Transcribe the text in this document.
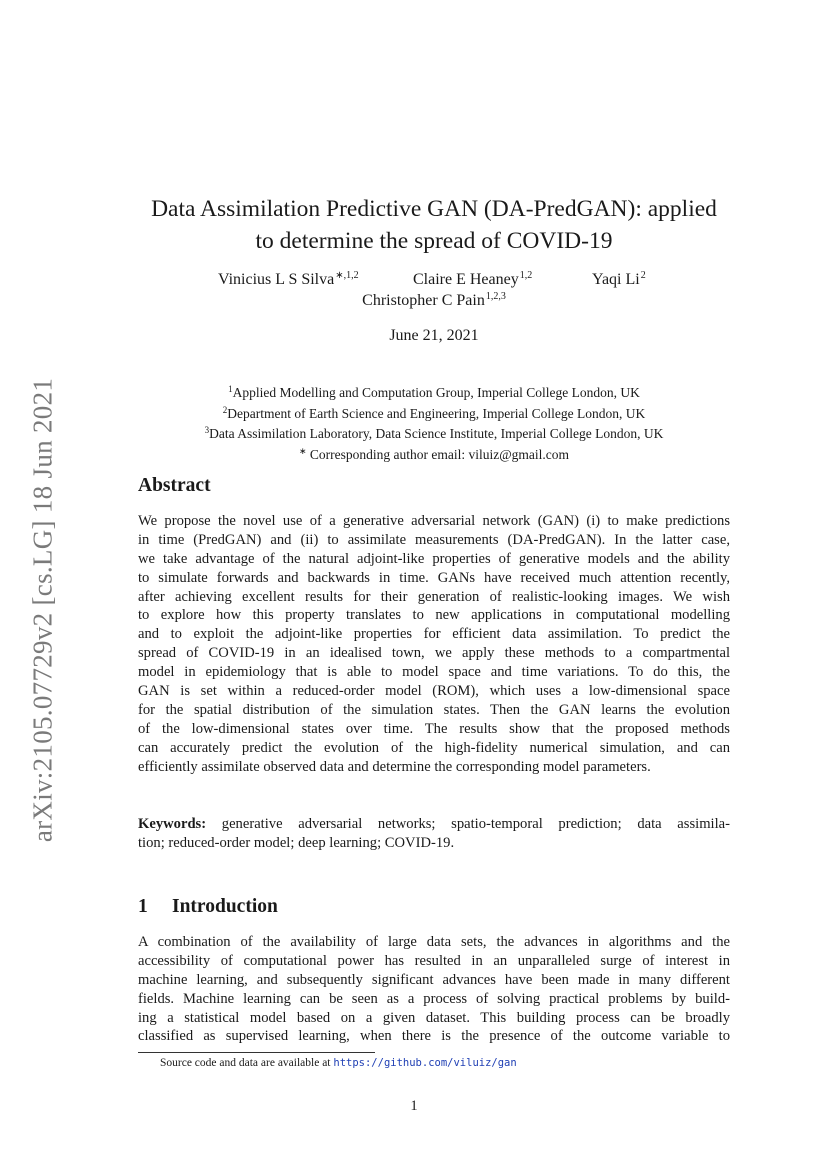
arXiv:2105.07729v2 [cs.LG] 18 Jun 2021
Data Assimilation Predictive GAN (DA-PredGAN): applied
to determine the spread of COVID-19
Vinicius L S Silva$^{∗,1,2}$	Claire E Heaney$^{1,2}$	Yaqi Li$^2$
Christopher C Pain$^{1,2,3}$
June 21, 2021
$^1$Applied Modelling and Computation Group, Imperial College London, UK
$^2$Department of Earth Science and Engineering, Imperial College London, UK
$^3$Data Assimilation Laboratory, Data Science Institute, Imperial College London, UK
∗ Corresponding author email: viluiz@gmail.com
Abstract
We propose the novel use of a generative adversarial network (GAN) (i) to make predictions
in time (PredGAN) and (ii) to assimilate measurements (DA-PredGAN). In the latter case,
we take advantage of the natural adjoint-like properties of generative models and the ability
to simulate forwards and backwards in time. GANs have received much attention recently,
after achieving excellent results for their generation of realistic-looking images. We wish
to explore how this property translates to new applications in computational modelling
and to exploit the adjoint-like properties for efficient data assimilation. To predict the
spread of COVID-19 in an idealised town, we apply these methods to a compartmental
model in epidemiology that is able to model space and time variations. To do this, the
GAN is set within a reduced-order model (ROM), which uses a low-dimensional space
for the spatial distribution of the simulation states. Then the GAN learns the evolution
of the low-dimensional states over time. The results show that the proposed methods
can accurately predict the evolution of the high-fidelity numerical simulation, and can
efficiently assimilate observed data and determine the corresponding model parameters.
Keywords: generative adversarial networks; spatio-temporal prediction; data assimila-
tion; reduced-order model; deep learning; COVID-19.
1 Introduction
A combination of the availability of large data sets, the advances in algorithms and the
accessibility of computational power has resulted in an unparalleled surge of interest in
machine learning, and subsequently significant advances have been made in many different
fields. Machine learning can be seen as a process of solving practical problems by build-
ing a statistical model based on a given dataset. This building process can be broadly
classified as supervised learning, when there is the presence of the outcome variable to
Source code and data are available at https://github.com/viluiz/gan
1
